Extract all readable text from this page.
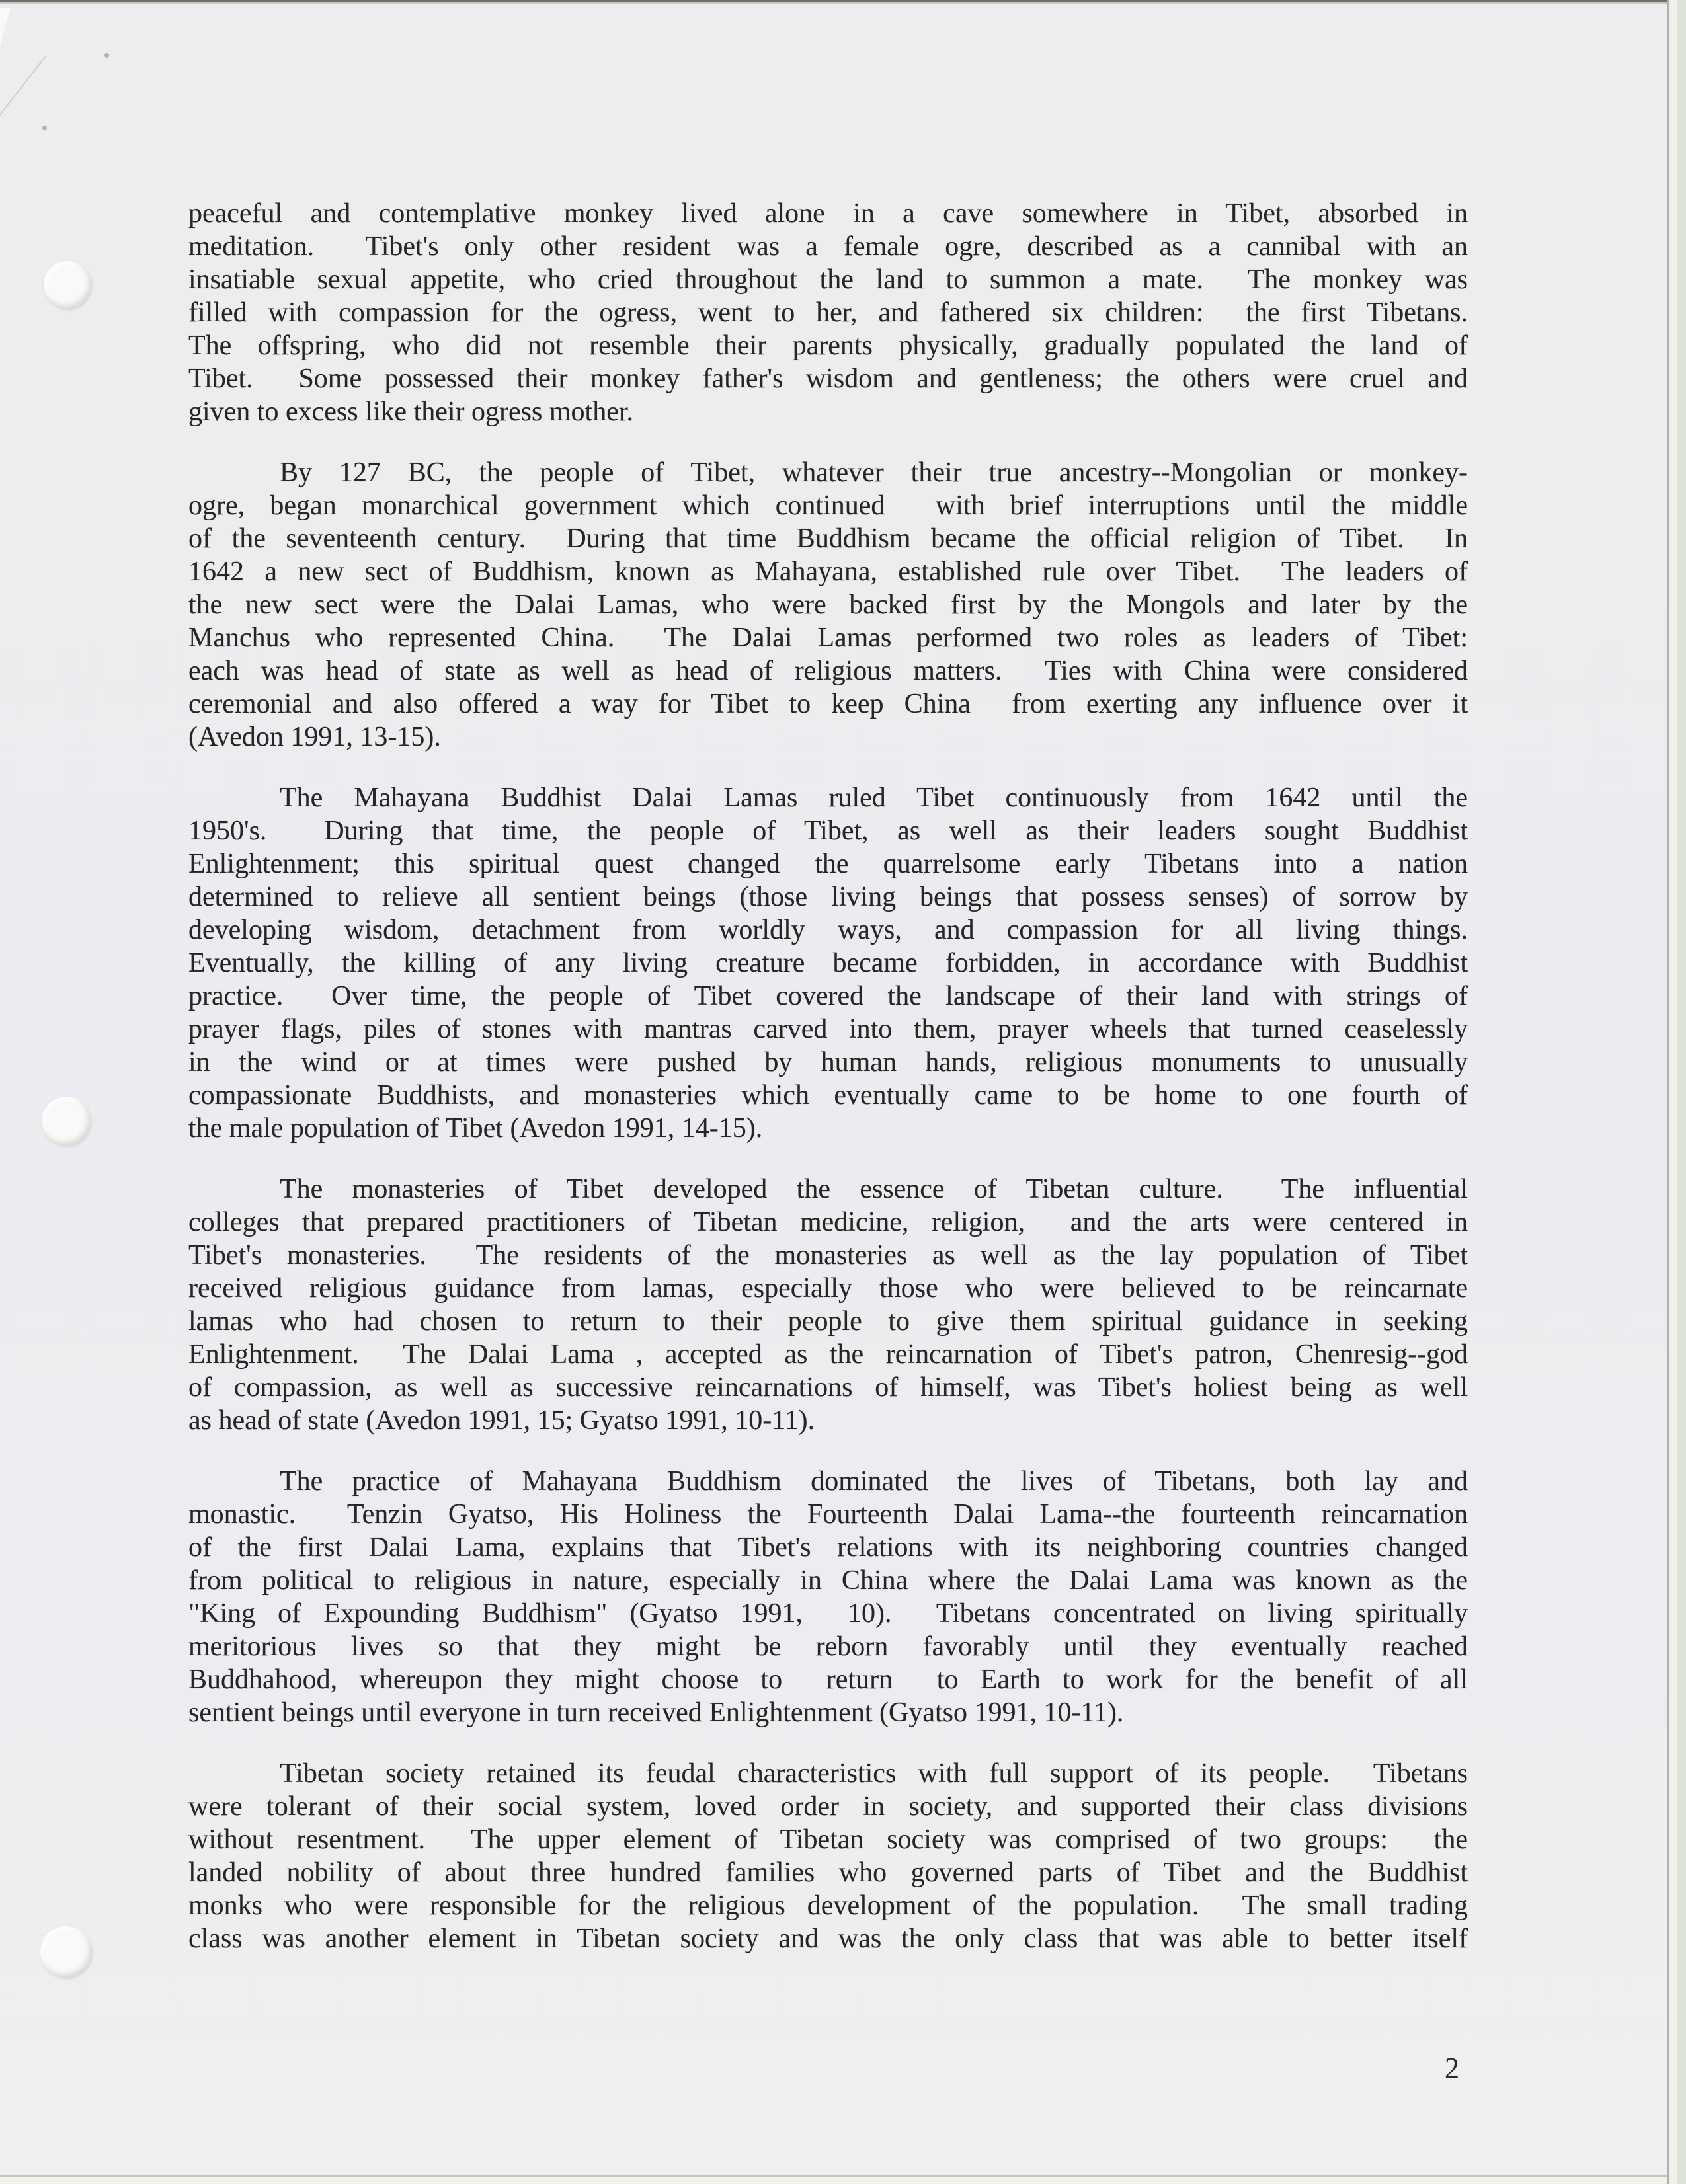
peaceful and contemplative monkey lived alone in a cave somewhere in Tibet, absorbed in
meditation.  Tibet's only other resident was a female ogre, described as a cannibal with an
insatiable sexual appetite, who cried throughout the land to summon a mate.  The monkey was
filled with compassion for the ogress, went to her, and fathered six children:  the first Tibetans.
The offspring, who did not resemble their parents physically, gradually populated the land of
Tibet.  Some possessed their monkey father's wisdom and gentleness; the others were cruel and
given to excess like their ogress mother.
By 127 BC, the people of Tibet, whatever their true ancestry--Mongolian or monkey-
ogre, began monarchical government which continued  with brief interruptions until the middle
of the seventeenth century.  During that time Buddhism became the official religion of Tibet.  In
1642 a new sect of Buddhism, known as Mahayana, established rule over Tibet.  The leaders of
the new sect were the Dalai Lamas, who were backed first by the Mongols and later by the
Manchus who represented China.  The Dalai Lamas performed two roles as leaders of Tibet:
each was head of state as well as head of religious matters.  Ties with China were considered
ceremonial and also offered a way for Tibet to keep China  from exerting any influence over it
(Avedon 1991, 13-15).
The Mahayana Buddhist Dalai Lamas ruled Tibet continuously from 1642 until the
1950's.  During that time, the people of Tibet, as well as their leaders sought Buddhist
Enlightenment; this spiritual quest changed the quarrelsome early Tibetans into a nation
determined to relieve all sentient beings (those living beings that possess senses) of sorrow by
developing wisdom, detachment from worldly ways, and compassion for all living things.
Eventually, the killing of any living creature became forbidden, in accordance with Buddhist
practice.  Over time, the people of Tibet covered the landscape of their land with strings of
prayer flags, piles of stones with mantras carved into them, prayer wheels that turned ceaselessly
in the wind or at times were pushed by human hands, religious monuments to unusually
compassionate Buddhists, and monasteries which eventually came to be home to one fourth of
the male population of Tibet (Avedon 1991, 14-15).
The monasteries of Tibet developed the essence of Tibetan culture.  The influential
colleges that prepared practitioners of Tibetan medicine, religion,  and the arts were centered in
Tibet's monasteries.  The residents of the monasteries as well as the lay population of Tibet
received religious guidance from lamas, especially those who were believed to be reincarnate
lamas who had chosen to return to their people to give them spiritual guidance in seeking
Enlightenment.  The Dalai Lama , accepted as the reincarnation of Tibet's patron, Chenresig--god
of compassion, as well as successive reincarnations of himself, was Tibet's holiest being as well
as head of state (Avedon 1991, 15; Gyatso 1991, 10-11).
The practice of Mahayana Buddhism dominated the lives of Tibetans, both lay and
monastic.  Tenzin Gyatso, His Holiness the Fourteenth Dalai Lama--the fourteenth reincarnation
of the first Dalai Lama, explains that Tibet's relations with its neighboring countries changed
from political to religious in nature, especially in China where the Dalai Lama was known as the
"King of Expounding Buddhism" (Gyatso 1991,  10).  Tibetans concentrated on living spiritually
meritorious lives so that they might be reborn favorably until they eventually reached
Buddhahood, whereupon they might choose to  return  to Earth to work for the benefit of all
sentient beings until everyone in turn received Enlightenment (Gyatso 1991, 10-11).
Tibetan society retained its feudal characteristics with full support of its people.  Tibetans
were tolerant of their social system, loved order in society, and supported their class divisions
without resentment.  The upper element of Tibetan society was comprised of two groups:  the
landed nobility of about three hundred families who governed parts of Tibet and the Buddhist
monks who were responsible for the religious development of the population.  The small trading
class was another element in Tibetan society and was the only class that was able to better itself
2
